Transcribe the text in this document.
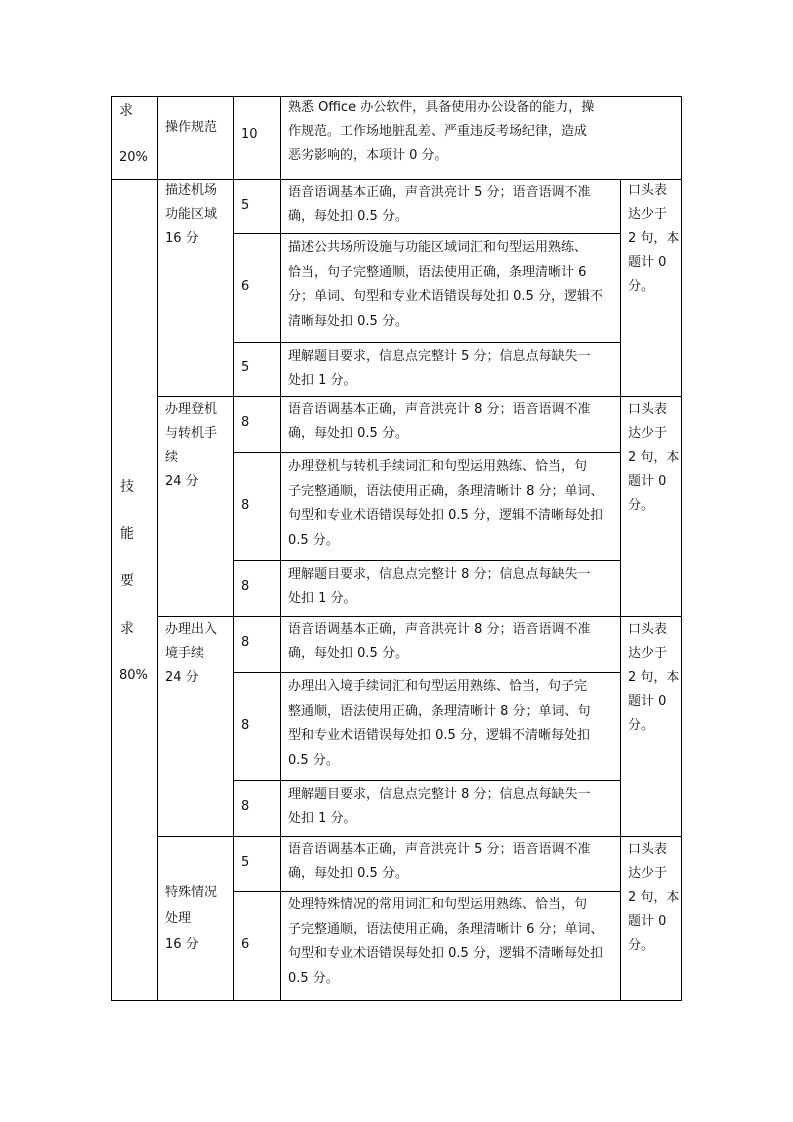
求
20%
操作规范 10
熟悉 Office 办公软件，具备使用办公设备的能力，操
作规范。工作场地脏乱差、严重违反考场纪律，造成
恶劣影响的，本项计 0 分。
技
能
要
求
80%
描述机场
功能区域
16 分
口头表
达少于
2 句，本
题计 0
分。
5
语音语调基本正确，声音洪亮计 5 分；语音语调不准
确，每处扣 0.5 分。
6
描述公共场所设施与功能区域词汇和句型运用熟练、
恰当，句子完整通顺，语法使用正确，条理清晰计 6
分；单词、句型和专业术语错误每处扣 0.5 分，逻辑不
清晰每处扣 0.5 分。
5
理解题目要求，信息点完整计 5 分；信息点每缺失一
处扣 1 分。
办理登机
与转机手
续
24 分
口头表
达少于
2 句，本
题计 0
分。
8
语音语调基本正确，声音洪亮计 8 分；语音语调不准
确，每处扣 0.5 分。
8
办理登机与转机手续词汇和句型运用熟练、恰当，句
子完整通顺，语法使用正确，条理清晰计 8 分；单词、
句型和专业术语错误每处扣 0.5 分，逻辑不清晰每处扣
0.5 分。
8
理解题目要求，信息点完整计 8 分；信息点每缺失一
处扣 1 分。
办理出入
境手续
24 分
口头表
达少于
2 句，本
题计 0
分。
8
语音语调基本正确，声音洪亮计 8 分；语音语调不准
确，每处扣 0.5 分。
8
办理出入境手续词汇和句型运用熟练、恰当，句子完
整通顺，语法使用正确，条理清晰计 8 分；单词、句
型和专业术语错误每处扣 0.5 分，逻辑不清晰每处扣
0.5 分。
8
理解题目要求，信息点完整计 8 分；信息点每缺失一
处扣 1 分。
特殊情况
处理
16 分
口头表
达少于
2 句，本
题计 0
分。
5
语音语调基本正确，声音洪亮计 5 分；语音语调不准
确，每处扣 0.5 分。
6
处理特殊情况的常用词汇和句型运用熟练、恰当，句
子完整通顺，语法使用正确，条理清晰计 6 分；单词、
句型和专业术语错误每处扣 0.5 分，逻辑不清晰每处扣
0.5 分。
